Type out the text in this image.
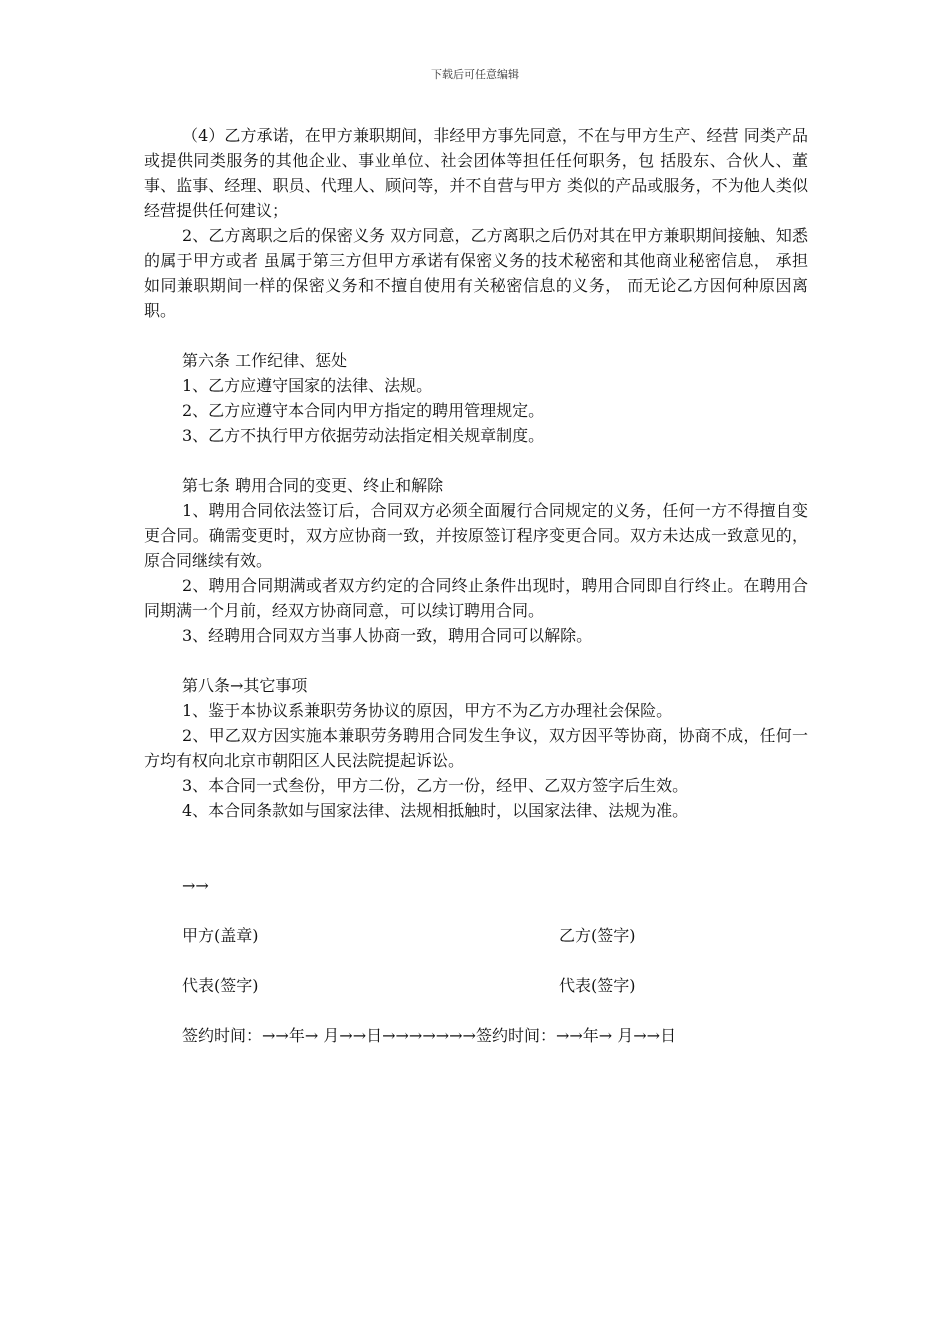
下载后可任意编辑

（4）乙方承诺，在甲方兼职期间，非经甲方事先同意，不在与甲方生产、经营 同类产品或提供同类服务的其他企业、事业单位、社会团体等担任任何职务，包 括股东、合伙人、董事、监事、经理、职员、代理人、顾问等，并不自营与甲方 类似的产品或服务，不为他人类似经营提供任何建议；

2、乙方离职之后的保密义务 双方同意，乙方离职之后仍对其在甲方兼职期间接触、知悉的属于甲方或者 虽属于第三方但甲方承诺有保密义务的技术秘密和其他商业秘密信息， 承担如同兼职期间一样的保密义务和不擅自使用有关秘密信息的义务， 而无论乙方因何种原因离职。

第六条 工作纪律、惩处

1、乙方应遵守国家的法律、法规。

2、乙方应遵守本合同内甲方指定的聘用管理规定。

3、乙方不执行甲方依据劳动法指定相关规章制度。

第七条 聘用合同的变更、终止和解除

1、聘用合同依法签订后，合同双方必须全面履行合同规定的义务，任何一方不得擅自变更合同。确需变更时，双方应协商一致，并按原签订程序变更合同。双方未达成一致意见的，原合同继续有效。

2、聘用合同期满或者双方约定的合同终止条件出现时，聘用合同即自行终止。在聘用合同期满一个月前，经双方协商同意，可以续订聘用合同。

3、经聘用合同双方当事人协商一致，聘用合同可以解除。

第八条→其它事项

1、鉴于本协议系兼职劳务协议的原因，甲方不为乙方办理社会保险。

2、甲乙双方因实施本兼职劳务聘用合同发生争议，双方因平等协商，协商不成，任何一方均有权向北京市朝阳区人民法院提起诉讼。

3、本合同一式叁份，甲方二份，乙方一份，经甲、乙双方签字后生效。

4、本合同条款如与国家法律、法规相抵触时，以国家法律、法规为准。

→→

甲方(盖章)	乙方(签字)
代表(签字)	代表(签字)
签约时间：→→年→ 月→→日→→→→→→→签约时间：→→年→ 月→→日
